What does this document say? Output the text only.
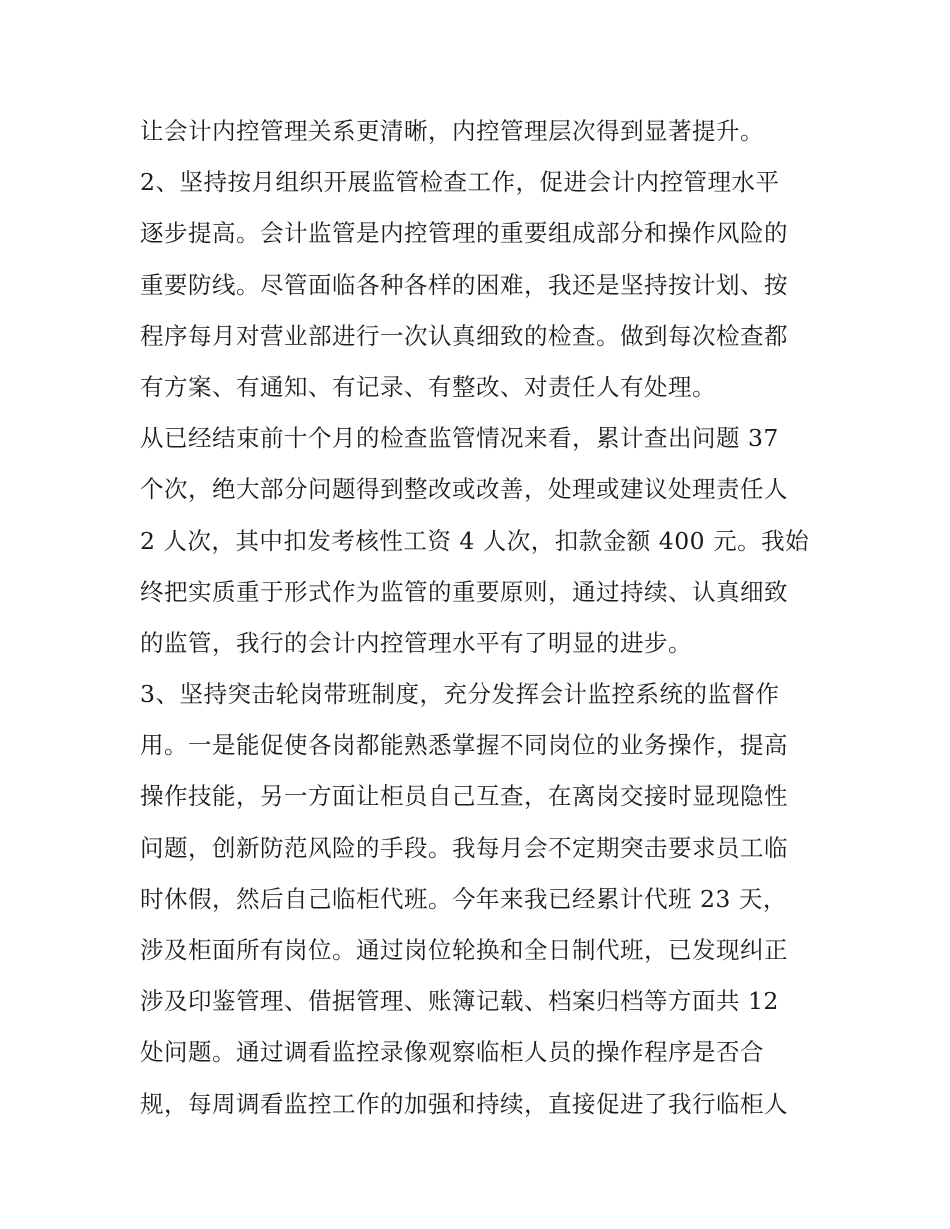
让会计内控管理关系更清晰，内控管理层次得到显著提升。
2、坚持按月组织开展监管检查工作，促进会计内控管理水平
逐步提高。会计监管是内控管理的重要组成部分和操作风险的
重要防线。尽管面临各种各样的困难，我还是坚持按计划、按
程序每月对营业部进行一次认真细致的检查。做到每次检查都
有方案、有通知、有记录、有整改、对责任人有处理。
从已经结束前十个月的检查监管情况来看，累计查出问题 37
个次，绝大部分问题得到整改或改善，处理或建议处理责任人
2 人次，其中扣发考核性工资 4 人次，扣款金额 400 元。我始
终把实质重于形式作为监管的重要原则，通过持续、认真细致
的监管，我行的会计内控管理水平有了明显的进步。
3、坚持突击轮岗带班制度，充分发挥会计监控系统的监督作
用。一是能促使各岗都能熟悉掌握不同岗位的业务操作，提高
操作技能，另一方面让柜员自己互查，在离岗交接时显现隐性
问题，创新防范风险的手段。我每月会不定期突击要求员工临
时休假，然后自己临柜代班。今年来我已经累计代班 23 天，
涉及柜面所有岗位。通过岗位轮换和全日制代班，已发现纠正
涉及印鉴管理、借据管理、账簿记载、档案归档等方面共 12
处问题。通过调看监控录像观察临柜人员的操作程序是否合
规，每周调看监控工作的加强和持续，直接促进了我行临柜人
